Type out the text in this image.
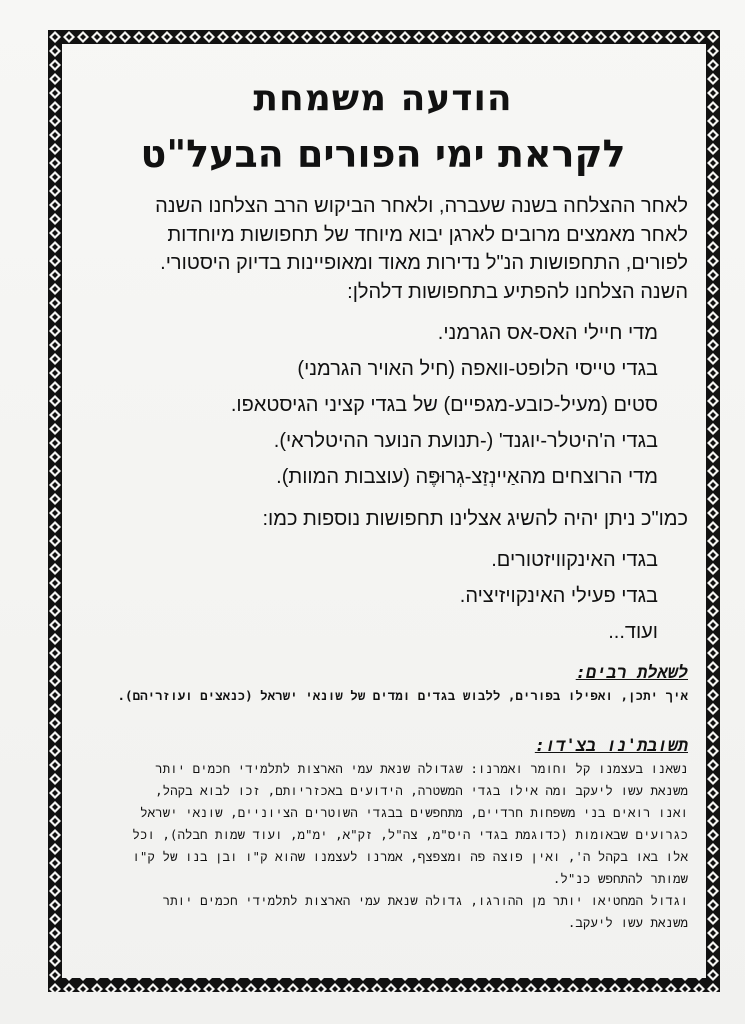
הודעה משמחת
לקראת ימי הפורים הבעל"ט
לאחר ההצלחה בשנה שעברה, ולאחר הביקוש הרב הצלחנו השנה
לאחר מאמצים מרובים לארגן יבוא מיוחד של תחפושות מיוחדות
לפורים, התחפושות הנ"ל נדירות מאוד ומאופיינות בדיוק היסטורי.
השנה הצלחנו להפתיע בתחפושות דלהלן:
מדי חיילי האס-אס הגרמני.
בגדי טייסי הלופט-וואפה (חיל האויר הגרמני)
סטים (מעיל-כובע-מגפיים) של בגדי קציני הגיסטאפו.
בגדי ה'היטלר-יוגנד' (-תנועת הנוער ההיטלראי).
מדי הרוצחים מהאַיינְזַצ-גְרוּפֶּה (עוצבות המוות).
כמו"כ ניתן יהיה להשיג אצלינו תחפושות נוספות כמו:
בגדי האינקוויזטורים.
בגדי פעילי האינקויזיציה.
ועוד...
לשאלת רבים:
איך יתכן, ואפילו בפורים, ללבוש בגדים ומדים של שונאי ישראל (כנאצים ועוזריהם).
תשובת'נו בצ'דו:
נשאנו בעצמנו קל וחומר ואמרנו: שגדולה שנאת עמי הארצות לתלמידי חכמים יותר
משנאת עשו ליעקב ומה אילו בגדי המשטרה, הידועים באכזריותם, זכו לבוא בקהל,
ואנו רואים בני משפחות חרדיים, מתחפשים בבגדי השוטרים הציוניים, שונאי ישראל
כגרועים שבאומות (כדוגמת בגדי היס"מ, צה"ל, זק"א, ימ"מ, ועוד שמות חבלה), וכל
אלו באו בקהל ה', ואין פוצה פה ומצפצף, אמרנו לעצמנו שהוא ק"ו ובן בנו של ק"ו
שמותר להתחפש כנ"ל.
וגדול המחטיאו יותר מן ההורגו, גדולה שנאת עמי הארצות לתלמידי חכמים יותר
משנאת עשו ליעקב.
